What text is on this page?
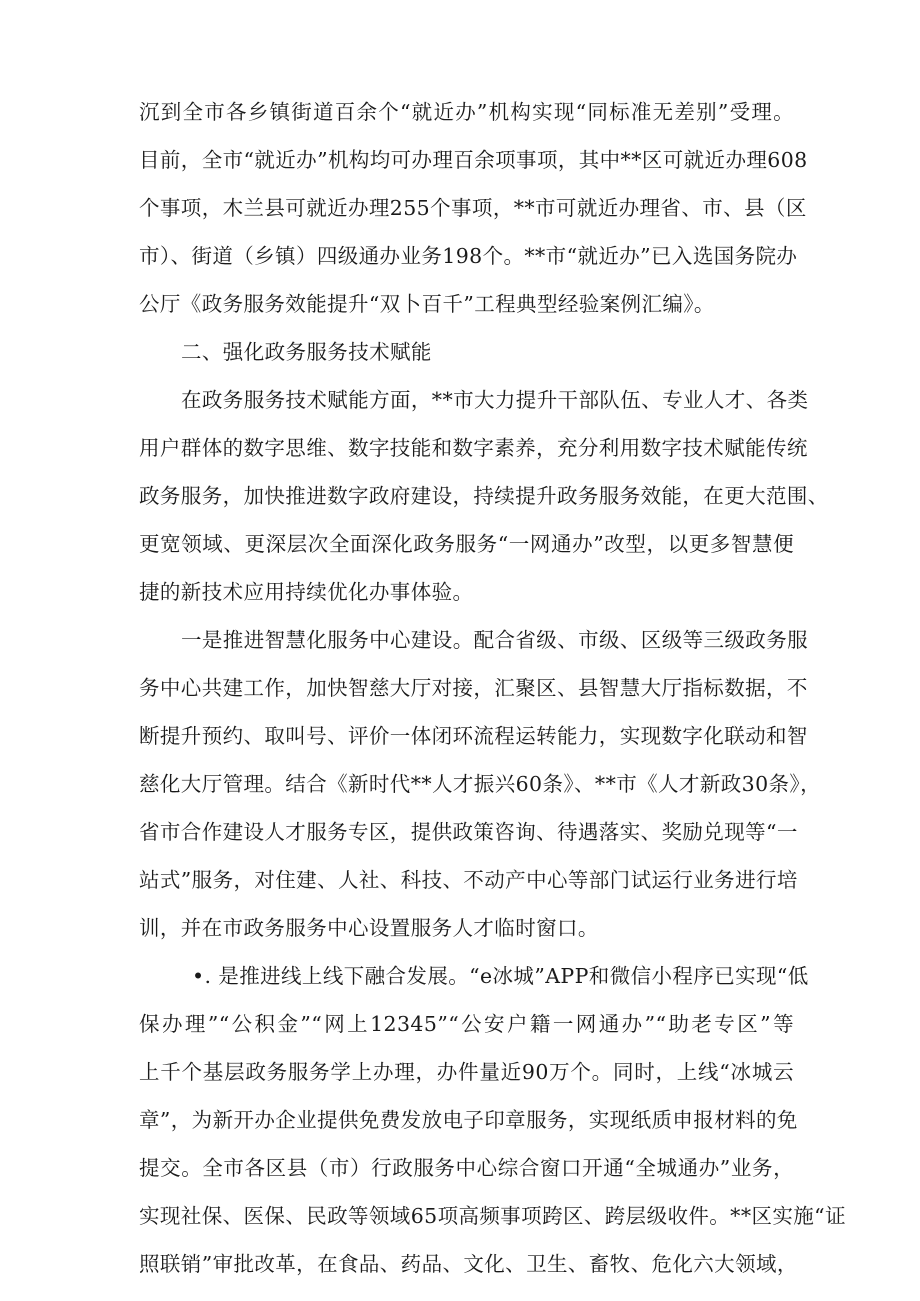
沉到全市各乡镇街道百余个“就近办”机构实现“同标准无差别”受理。
目前，全市“就近办”机构均可办理百余项事项，其中**区可就近办理608
个事项，木兰县可就近办理255个事项，**市可就近办理省、市、县（区
市）、街道（乡镇）四级通办业务198个。**市“就近办”已入选国务院办
公厅《政务服务效能提升“双卜百千”工程典型经验案例汇编》。
二、强化政务服务技术赋能
在政务服务技术赋能方面，**市大力提升干部队伍、专业人才、各类
用户群体的数字思维、数字技能和数字素养，充分利用数字技术赋能传统
政务服务，加快推进数字政府建设，持续提升政务服务效能，在更大范围、
更宽领域、更深层次全面深化政务服务“一网通办”改型，以更多智慧便
捷的新技术应用持续优化办事体验。
一是推进智慧化服务中心建设。配合省级、市级、区级等三级政务服
务中心共建工作，加快智慈大厅对接，汇聚区、县智慧大厅指标数据，不
断提升预约、取叫号、评价一体闭环流程运转能力，实现数字化联动和智
慈化大厅管理。结合《新时代**人才振兴60条》、**市《人才新政30条》，
省市合作建设人才服务专区，提供政策咨询、待遇落实、奖励兑现等“一
站式”服务，对住建、人社、科技、不动产中心等部门试运行业务进行培
训，并在市政务服务中心设置服务人才临时窗口。
•. 是推进线上线下融合发展。“e冰城”APP和微信小程序已实现“低
保办理”“公积金”“网上12345”“公安户籍一网通办”“助老专区”等
上千个基层政务服务学上办理，办件量近90万个。同时，上线“冰城云
章”，为新开办企业提供免费发放电子印章服务，实现纸质申报材料的免
提交。全市各区县（市）行政服务中心综合窗口开通“全城通办”业务，
实现社保、医保、民政等领域65项高频事项跨区、跨层级收件。**区实施“证
照联销”审批改革，在食品、药品、文化、卫生、畜牧、危化六大领域，
